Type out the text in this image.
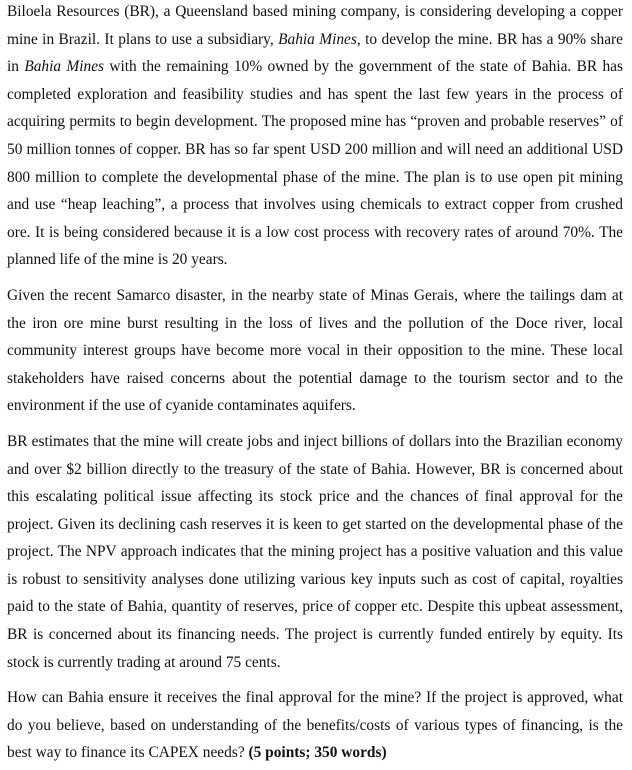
Biloela Resources (BR), a Queensland based mining company, is considering developing a copper mine in Brazil. It plans to use a subsidiary, Bahia Mines, to develop the mine. BR has a 90% share in Bahia Mines with the remaining 10% owned by the government of the state of Bahia. BR has completed exploration and feasibility studies and has spent the last few years in the process of acquiring permits to begin development. The proposed mine has “proven and probable reserves” of 50 million tonnes of copper. BR has so far spent USD 200 million and will need an additional USD 800 million to complete the developmental phase of the mine. The plan is to use open pit mining and use “heap leaching”, a process that involves using chemicals to extract copper from crushed ore. It is being considered because it is a low cost process with recovery rates of around 70%. The planned life of the mine is 20 years.

Given the recent Samarco disaster, in the nearby state of Minas Gerais, where the tailings dam at the iron ore mine burst resulting in the loss of lives and the pollution of the Doce river, local community interest groups have become more vocal in their opposition to the mine. These local stakeholders have raised concerns about the potential damage to the tourism sector and to the environment if the use of cyanide contaminates aquifers.

BR estimates that the mine will create jobs and inject billions of dollars into the Brazilian economy and over $2 billion directly to the treasury of the state of Bahia. However, BR is concerned about this escalating political issue affecting its stock price and the chances of final approval for the project. Given its declining cash reserves it is keen to get started on the developmental phase of the project. The NPV approach indicates that the mining project has a positive valuation and this value is robust to sensitivity analyses done utilizing various key inputs such as cost of capital, royalties paid to the state of Bahia, quantity of reserves, price of copper etc. Despite this upbeat assessment, BR is concerned about its financing needs. The project is currently funded entirely by equity. Its stock is currently trading at around 75 cents.

How can Bahia ensure it receives the final approval for the mine? If the project is approved, what do you believe, based on understanding of the benefits/costs of various types of financing, is the best way to finance its CAPEX needs? (5 points; 350 words)
